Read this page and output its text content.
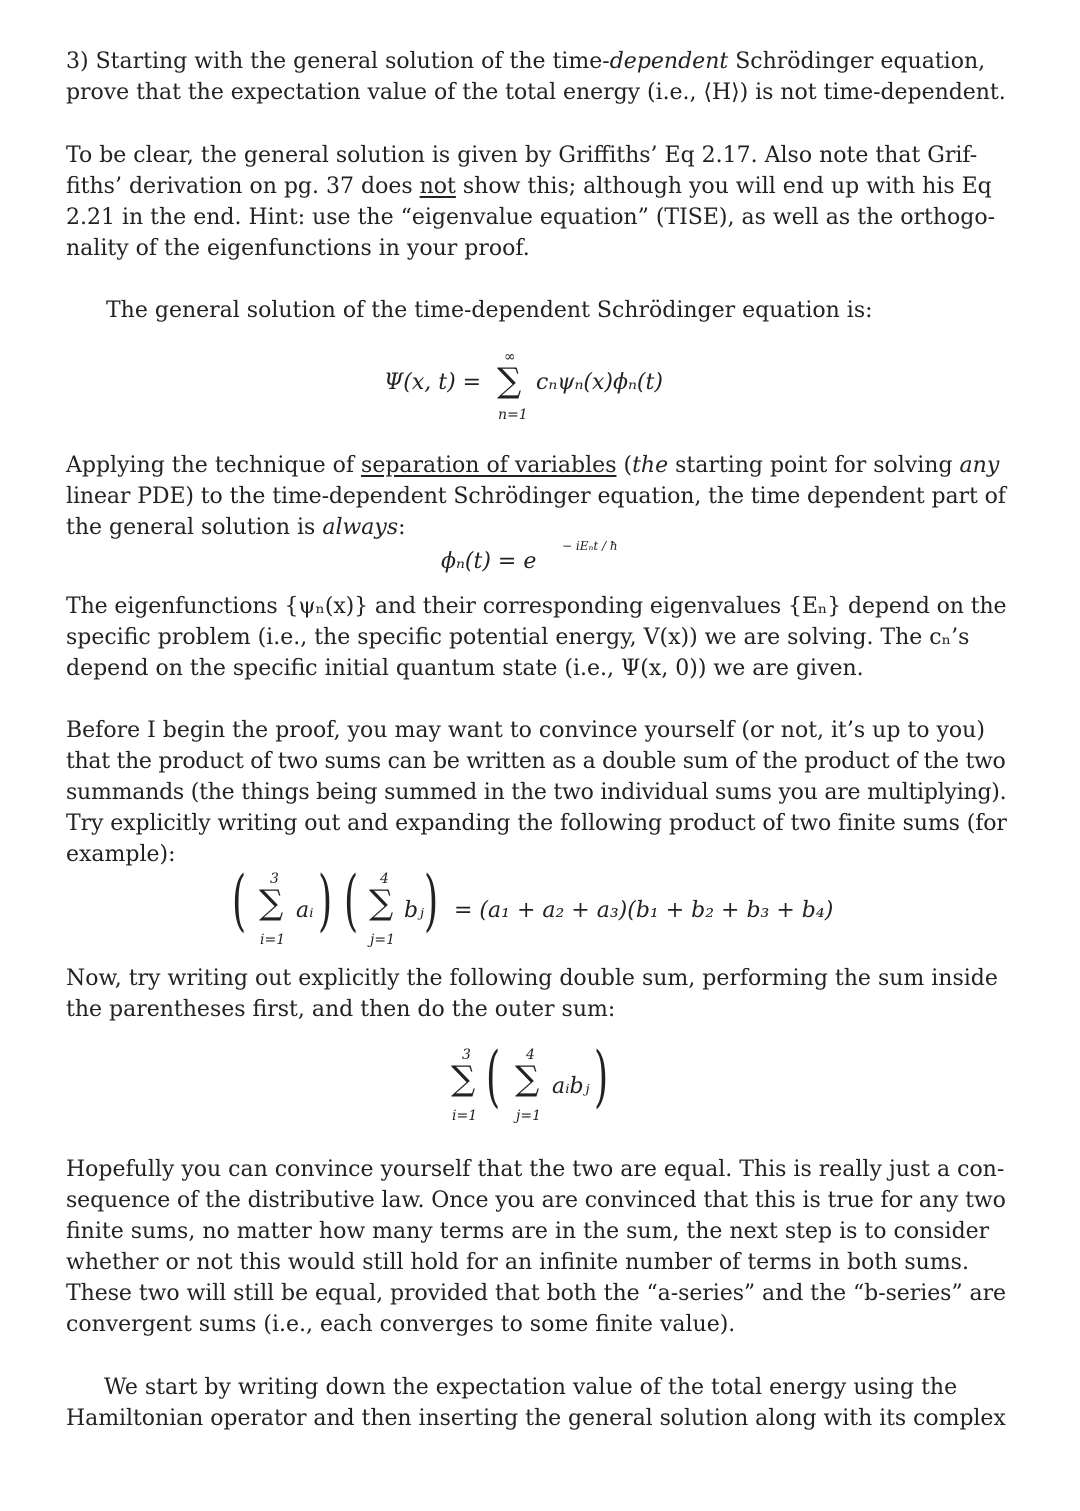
3) Starting with the general solution of the time-dependent Schrödinger equation,
prove that the expectation value of the total energy (i.e., ⟨H⟩) is not time-dependent.
To be clear, the general solution is given by Griffiths’ Eq 2.17. Also note that Grif-
fiths’ derivation on pg. 37 does not show this; although you will end up with his Eq
2.21 in the end. Hint: use the “eigenvalue equation” (TISE), as well as the orthogo-
nality of the eigenfunctions in your proof.
The general solution of the time-dependent Schrödinger equation is:
Ψ(x, t) =
∞
∑
n=1
cₙψₙ(x)ϕₙ(t)
Applying the technique of separation of variables (the starting point for solving any
linear PDE) to the time-dependent Schrödinger equation, the time dependent part of
the general solution is always:
ϕₙ(t) = e
− iEₙt / ħ
The eigenfunctions {ψₙ(x)} and their corresponding eigenvalues {Eₙ} depend on the
specific problem (i.e., the specific potential energy, V(x)) we are solving. The cₙ’s
depend on the specific initial quantum state (i.e., Ψ(x, 0)) we are given.
Before I begin the proof, you may want to convince yourself (or not, it’s up to you)
that the product of two sums can be written as a double sum of the product of the two
summands (the things being summed in the two individual sums you are multiplying).
Try explicitly writing out and expanding the following product of two finite sums (for
example):
( 3
∑
i=1
aᵢ ) ( 4
∑
j=1
bⱼ ) = (a₁ + a₂ + a₃)(b₁ + b₂ + b₃ + b₄)
Now, try writing out explicitly the following double sum, performing the sum inside
the parentheses first, and then do the outer sum:
3
∑
i=1
( 4
∑
j=1
aᵢbⱼ )
Hopefully you can convince yourself that the two are equal. This is really just a con-
sequence of the distributive law. Once you are convinced that this is true for any two
finite sums, no matter how many terms are in the sum, the next step is to consider
whether or not this would still hold for an infinite number of terms in both sums.
These two will still be equal, provided that both the “a-series” and the “b-series” are
convergent sums (i.e., each converges to some finite value).
We start by writing down the expectation value of the total energy using the
Hamiltonian operator and then inserting the general solution along with its complex
